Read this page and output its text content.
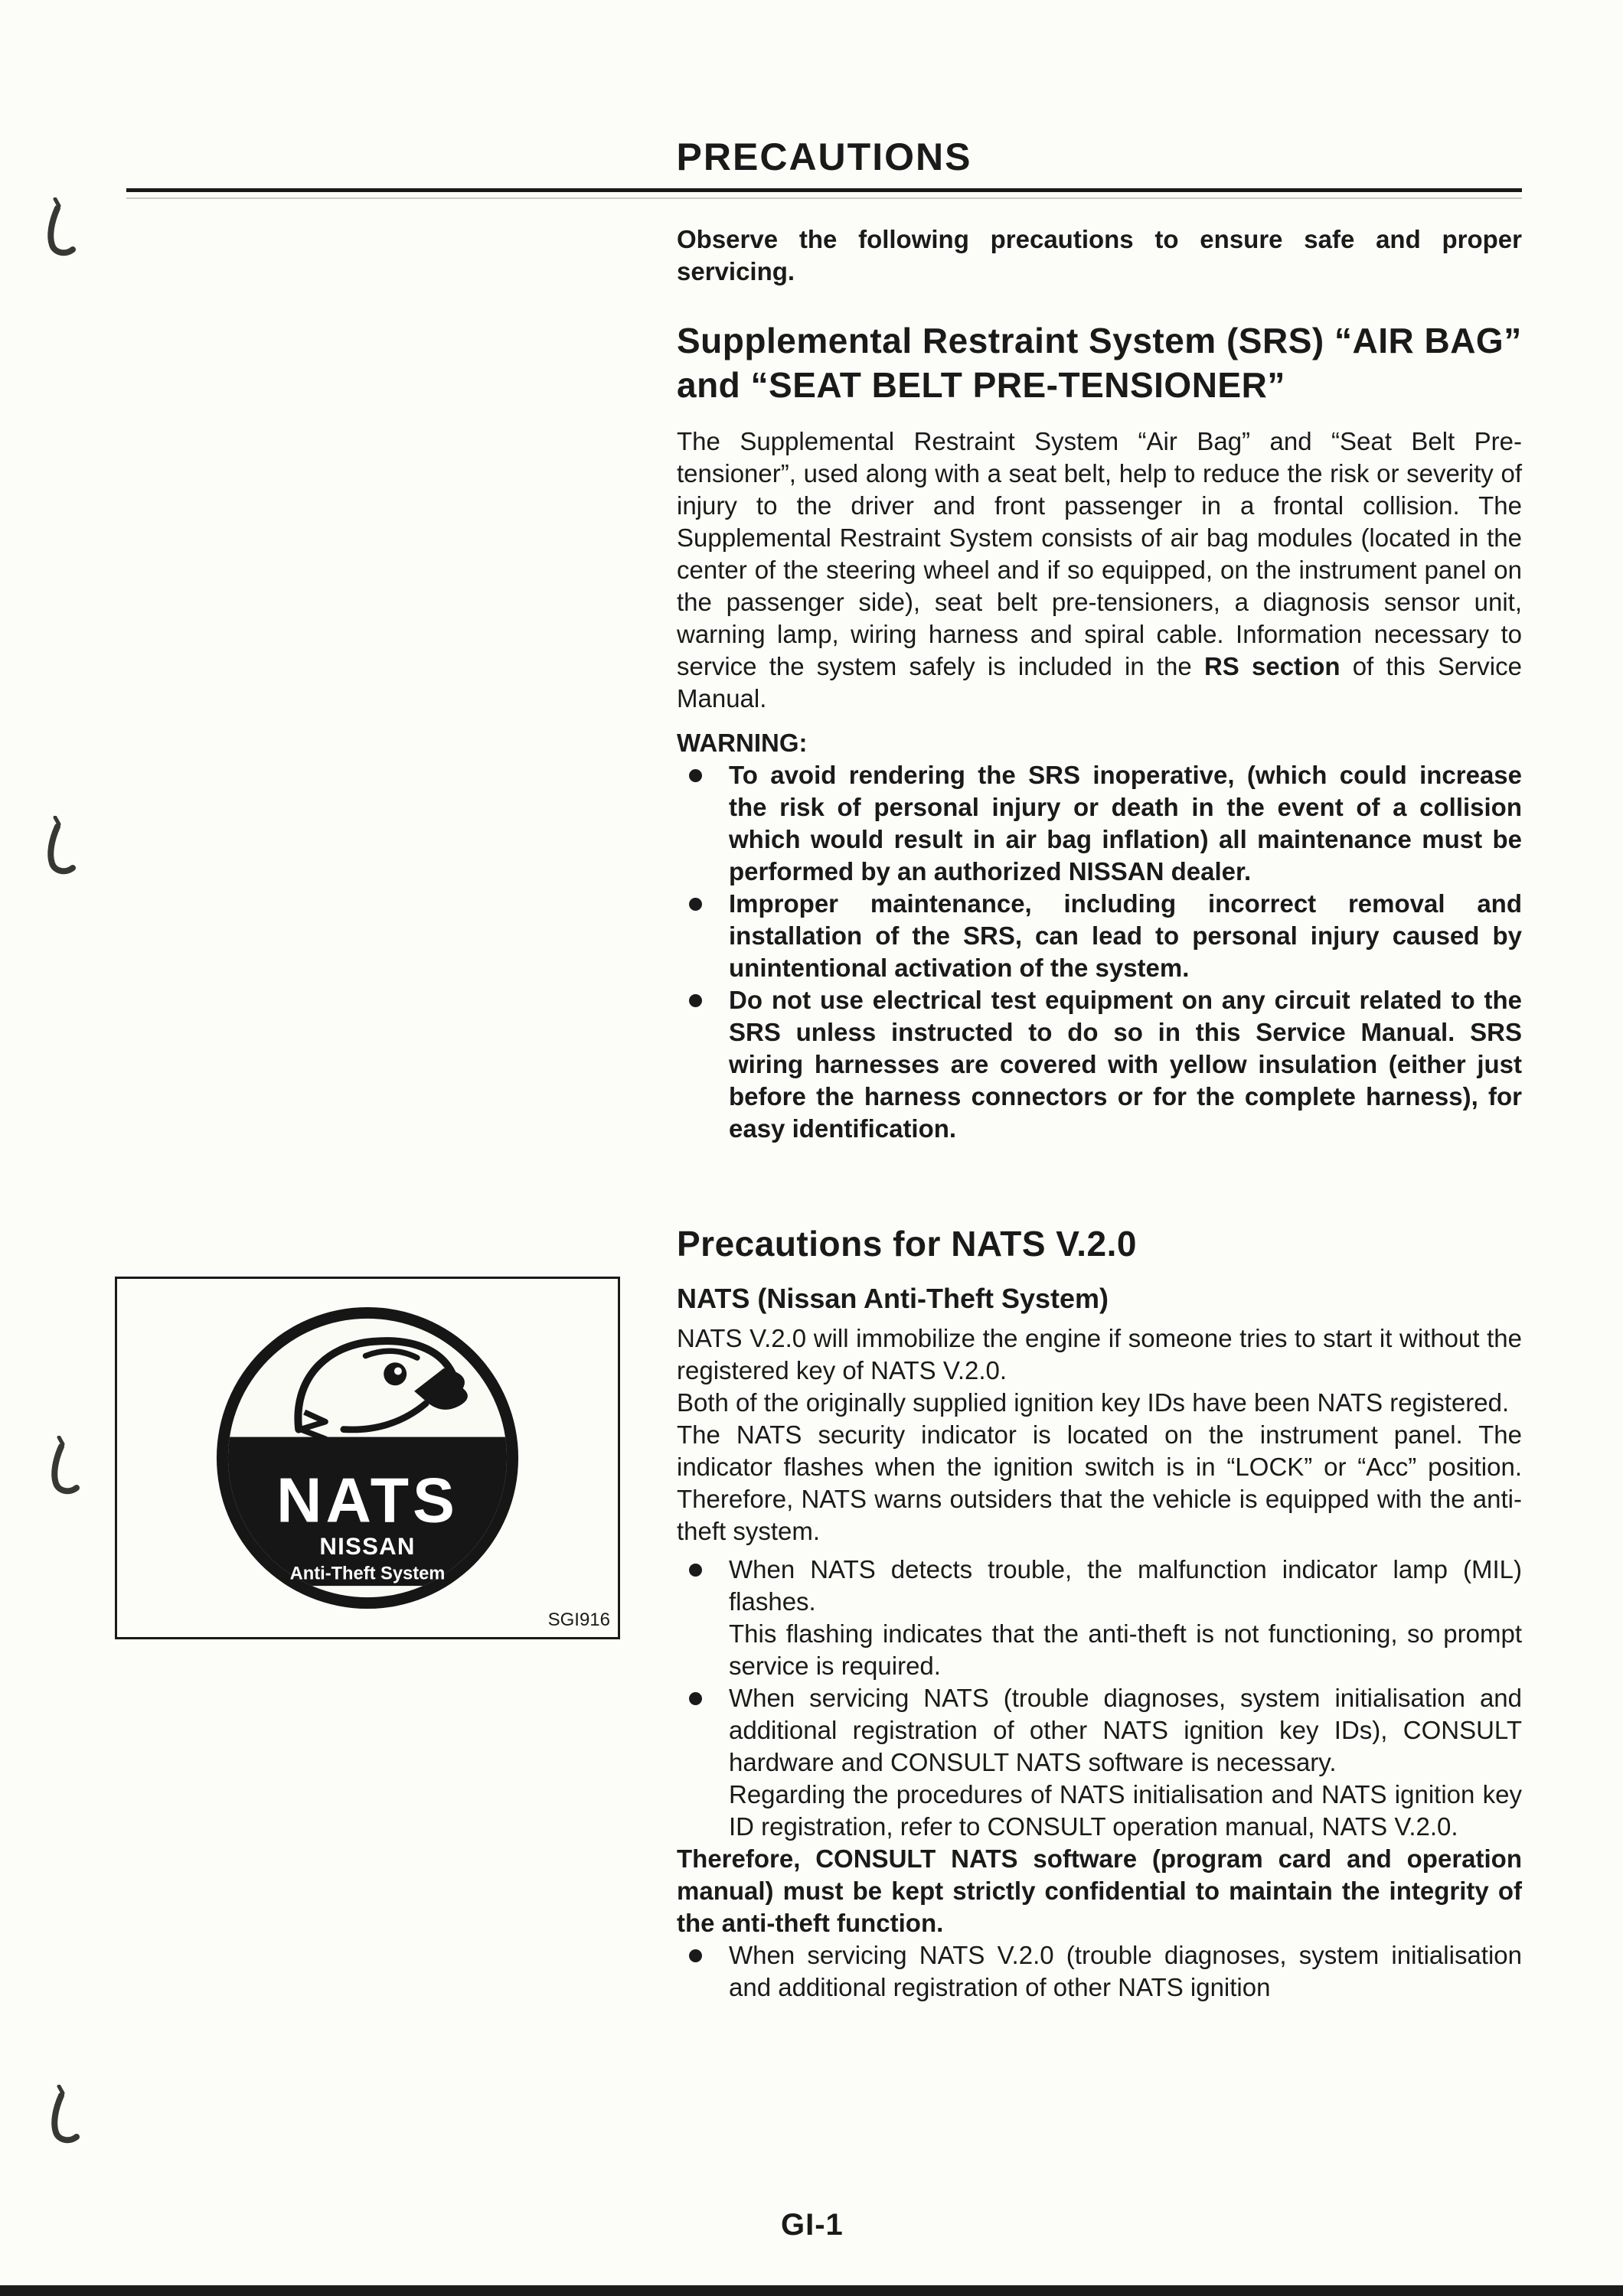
PRECAUTIONS

Observe the following precautions to ensure safe and proper servicing.

Supplemental Restraint System (SRS) “AIR BAG” and “SEAT BELT PRE-TENSIONER”

The Supplemental Restraint System “Air Bag” and “Seat Belt Pre-tensioner”, used along with a seat belt, help to reduce the risk or severity of injury to the driver and front passenger in a frontal collision. The Supplemental Restraint System consists of air bag modules (located in the center of the steering wheel and if so equipped, on the instrument panel on the passenger side), seat belt pre-tensioners, a diagnosis sensor unit, warning lamp, wiring harness and spiral cable. Information necessary to service the system safely is included in the RS section of this Service Manual.

WARNING:

To avoid rendering the SRS inoperative, (which could increase the risk of personal injury or death in the event of a collision which would result in air bag inflation) all maintenance must be performed by an authorized NISSAN dealer.
Improper maintenance, including incorrect removal and installation of the SRS, can lead to personal injury caused by unintentional activation of the system.
Do not use electrical test equipment on any circuit related to the SRS unless instructed to do so in this Service Manual. SRS wiring harnesses are covered with yellow insulation (either just before the harness connectors or for the complete harness), for easy identification.
Precautions for NATS V.2.0
NATS (Nissan Anti-Theft System)

NATS V.2.0 will immobilize the engine if someone tries to start it without the registered key of NATS V.2.0.

Both of the originally supplied ignition key IDs have been NATS registered.

The NATS security indicator is located on the instrument panel. The indicator flashes when the ignition switch is in “LOCK” or “Acc” position. Therefore, NATS warns outsiders that the vehicle is equipped with the anti-theft system.

When NATS detects trouble, the malfunction indicator lamp (MIL) flashes.
This flashing indicates that the anti-theft is not functioning, so prompt service is required.
When servicing NATS (trouble diagnoses, system initialisation and additional registration of other NATS ignition key IDs), CONSULT hardware and CONSULT NATS software is necessary.
Regarding the procedures of NATS initialisation and NATS ignition key ID registration, refer to CONSULT operation manual, NATS V.2.0.

Therefore, CONSULT NATS software (program card and operation manual) must be kept strictly confidential to maintain the integrity of the anti-theft function.

When servicing NATS V.2.0 (trouble diagnoses, system initialisation and additional registration of other NATS ignition
NATS
NISSAN
Anti-Theft System
SGI916
GI-1
